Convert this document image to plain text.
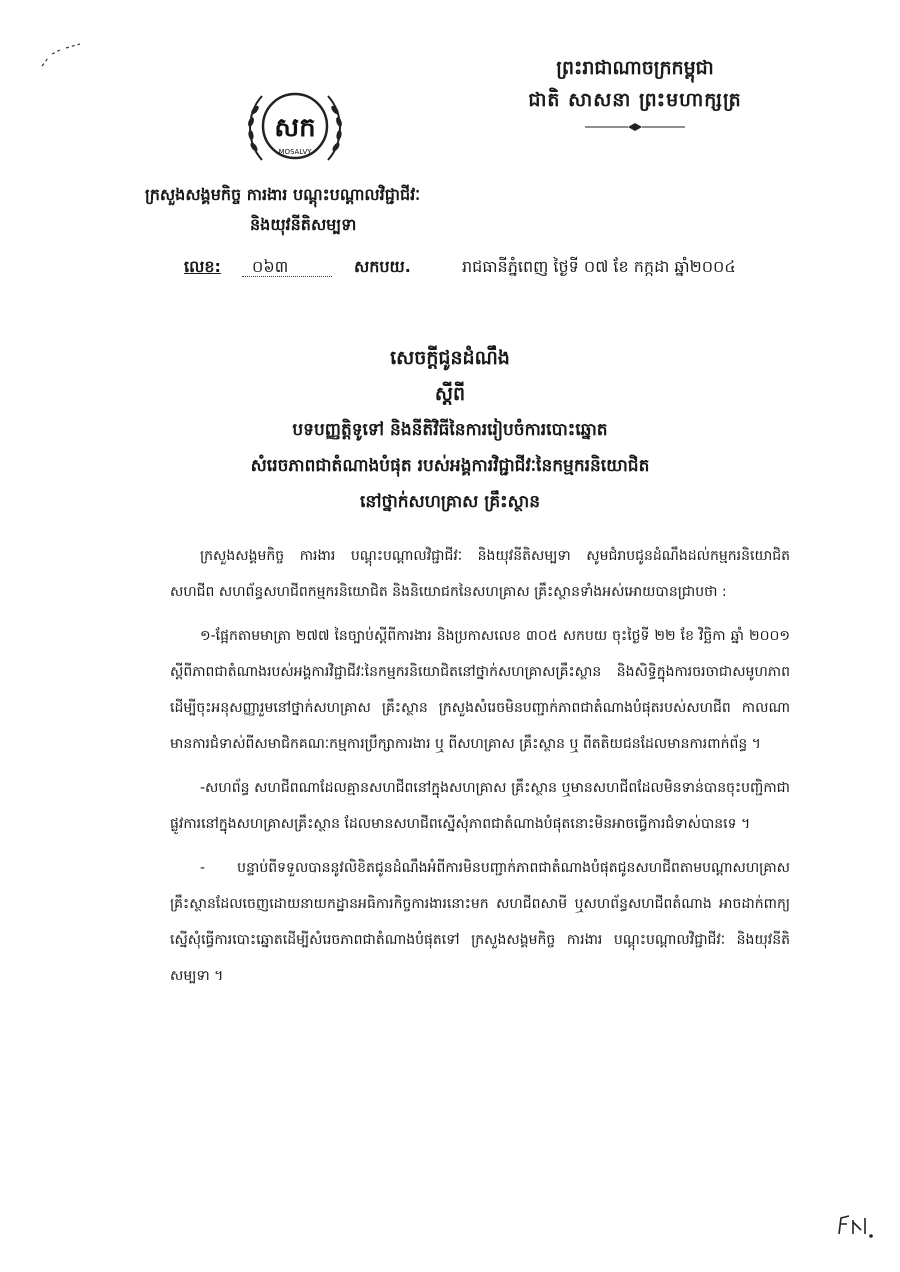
សក
MOSALVY
ព្រះរាជាណាចក្រកម្ពុជា
ជាតិ សាសនា ព្រះមហាក្សត្រ
ក្រសួងសង្គមកិច្ច ការងារ បណ្តុះបណ្តាលវិជ្ជាជីវៈ
និងយុវនីតិសម្បទា
លេខ: ០៦៣	សកបយ.	រាជធានីភ្នំពេញ ថ្ងៃទី ០៧ ខែ កក្កដា ឆ្នាំ២០០៤
សេចក្តីជូនដំណឹង
ស្តីពី
បទបញ្ញត្តិទូទៅ និងនីតិវិធីនៃការរៀបចំការបោះឆ្នោត
សំរេចភាពជាតំណាងបំផុត របស់អង្គការវិជ្ជាជីវៈនៃកម្មករនិយោជិត
នៅថ្នាក់សហគ្រាស គ្រឹះស្ថាន

ក្រសួងសង្គមកិច្ច ការងារ បណ្តុះបណ្តាលវិជ្ជាជីវៈ និងយុវនីតិសម្បទា សូមជំរាបជូនដំណឹងដល់កម្មករនិយោជិត សហជីព សហព័ន្ធសហជីពកម្មករនិយោជិត និងនិយោជកនៃសហគ្រាស គ្រឹះស្ថានទាំងអស់អោយបានជ្រាបថា :

១-ផ្អែកតាមមាត្រា ២៧៧ នៃច្បាប់ស្តីពីការងារ និងប្រកាសលេខ ៣០៥ សកបយ ចុះថ្ងៃទី ២២ ខែ វិច្ឆិកា ឆ្នាំ ២០០១ ស្តីពីភាពជាតំណាងរបស់អង្គការវិជ្ជាជីវៈនៃកម្មករនិយោជិតនៅថ្នាក់សហគ្រាសគ្រឹះស្ថាន និងសិទ្ធិក្នុងការចរចាជាសមូហភាពដើម្បីចុះអនុសញ្ញារួមនៅថ្នាក់សហគ្រាស គ្រឹះស្ថាន ក្រសួងសំរេចមិនបញ្ជាក់ភាពជាតំណាងបំផុតរបស់សហជីព កាលណាមានការជំទាស់ពីសមាជិកគណៈកម្មការប្រឹក្សាការងារ ឬ ពីសហគ្រាស គ្រឹះស្ថាន ឬ ពីតតិយជនដែលមានការពាក់ព័ន្ធ ។

-សហព័ន្ធ សហជីពណាដែលគ្មានសហជីពនៅក្នុងសហគ្រាស គ្រឹះស្ថាន ឬមានសហជីពដែលមិនទាន់បានចុះបញ្ជិកាជាផ្លូវការនៅក្នុងសហគ្រាសគ្រឹះស្ថាន ដែលមានសហជីពស្នើសុំភាពជាតំណាងបំផុតនោះមិនអាចធ្វើការជំទាស់បានទេ ។

- បន្ទាប់ពីទទួលបាននូវលិខិតជូនដំណឹងអំពីការមិនបញ្ជាក់ភាពជាតំណាងបំផុតជូនសហជីពតាមបណ្តាសហគ្រាស គ្រឹះស្ថានដែលចេញដោយនាយកដ្ឋានអធិការកិច្ចការងារនោះមក សហជីពសាមី ឬសហព័ន្ធសហជីពតំណាង អាចដាក់ពាក្យស្នើសុំធ្វើការបោះឆ្នោតដើម្បីសំរេចភាពជាតំណាងបំផុតទៅ ក្រសួងសង្គមកិច្ច ការងារ បណ្តុះបណ្តាលវិជ្ជាជីវៈ និងយុវនីតិសម្បទា ។
